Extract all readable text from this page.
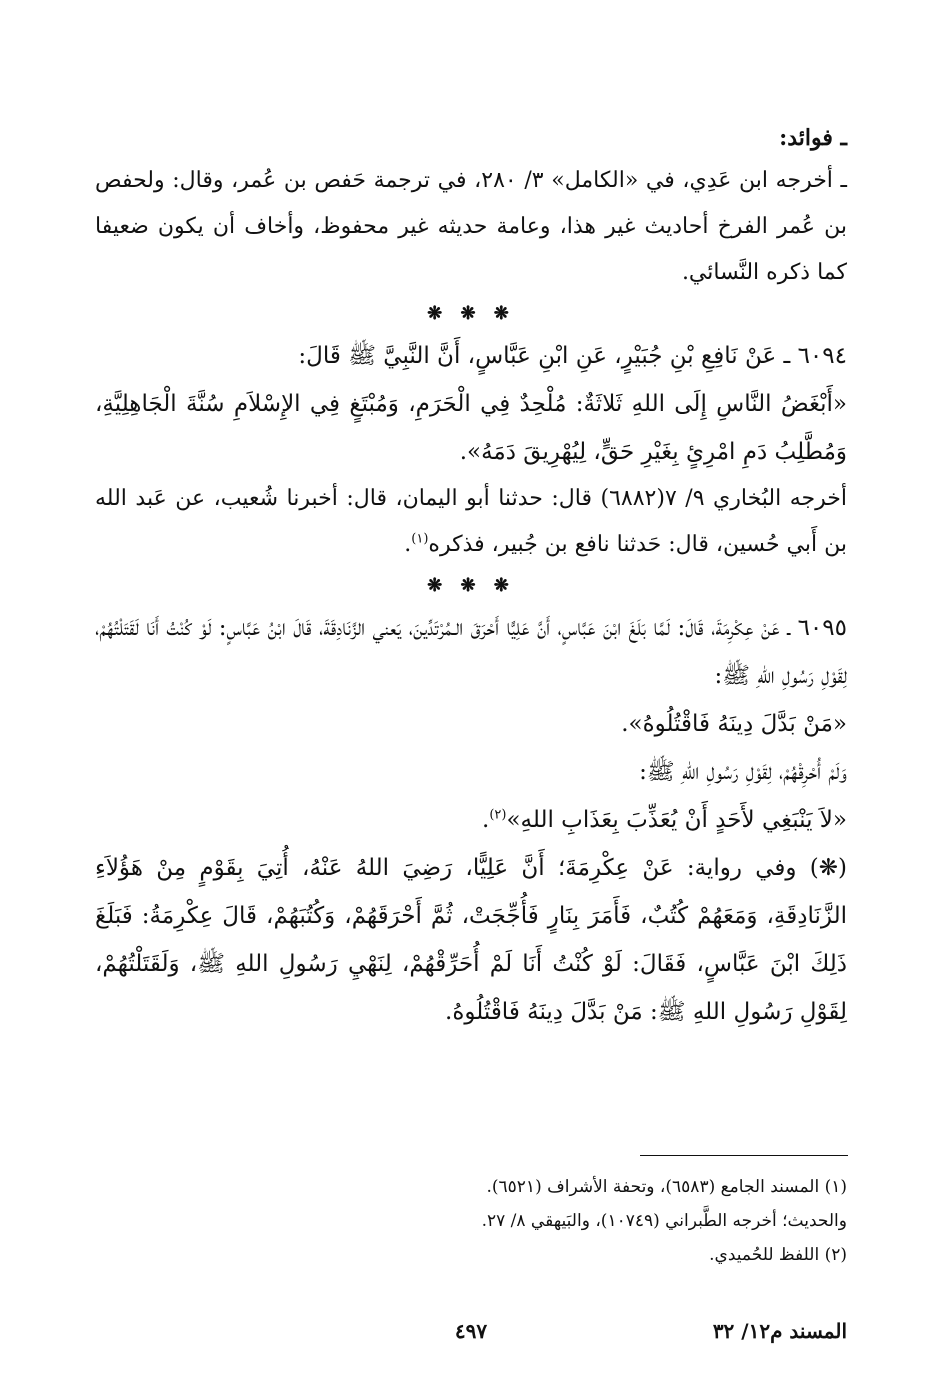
ـ فوائد:

ـ أخرجه ابن عَدِي، في «الكامل» ٣/ ٢٨٠، في ترجمة حَفص بن عُمر، وقال: ولحفص بن عُمر الفرخ أحاديث غير هذا، وعامة حديثه غير محفوظ، وأخاف أن يكون ضعيفا كما ذكره النَّسائي.

❋ ❋ ❋

٦٠٩٤ ـ عَنْ نَافِعِ بْنِ جُبَيْرٍ، عَنِ ابْنِ عَبَّاسٍ، أَنَّ النَّبِيَّ ﷺ قَالَ:

«أَبْغَضُ النَّاسِ إِلَى اللهِ ثَلاثَةٌ: مُلْحِدٌ فِي الْحَرَمِ، وَمُبْتَغٍ فِي الإِسْلاَمِ سُنَّةَ الْجَاهِلِيَّةِ، وَمُطَّلِبُ دَمِ امْرِئٍ بِغَيْرِ حَقٍّ، لِيُهْرِيقَ دَمَهُ».

أخرجه البُخاري ٩/ ٧(٦٨٨٢) قال: حدثنا أبو اليمان، قال: أخبرنا شُعيب، عن عَبد الله بن أَبي حُسين، قال: حَدثنا نافع بن جُبير، فذكره$^{(١)}$.

❋ ❋ ❋

٦٠٩٥ ـ عَنْ عِكْرِمَةَ، قَالَ: لَمَّا بَلَغَ ابْنَ عَبَّاسٍ، أَنَّ عَلِيًّا أَحْرَقَ الـمُرْتَدِّينَ، يَعني الزَّنَادِقَةَ، قَالَ ابْنُ عَبَّاسٍ: لَوْ كُنْتُ أَنَا لَقَتَلْتُهُمْ، لِقَوْلِ رَسُولِ اللهِ ﷺ:

«مَنْ بَدَّلَ دِينَهُ فَاقْتُلُوهُ».

وَلَمْ أُحْرِقْهُمْ، لِقَوْلِ رَسُولِ اللهِ ﷺ:

«لاَ يَنْبَغِي لأَحَدٍ أَنْ يُعَذِّبَ بِعَذَابِ اللهِ»$^{(٢)}$.

(❋) وفي رواية: عَنْ عِكْرِمَةَ؛ أَنَّ عَلِيًّا، رَضِيَ اللهُ عَنْهُ، أُتِيَ بِقَوْمٍ مِنْ هَؤُلاَءِ الزَّنَادِقَةِ، وَمَعَهُمْ كُتُبٌ، فَأَمَرَ بِنَارٍ فَأُجِّجَتْ، ثُمَّ أَحْرَقَهُمْ، وَكُتُبَهُمْ، قَالَ عِكْرِمَةُ: فَبَلَغَ ذَلِكَ ابْنَ عَبَّاسٍ، فَقَالَ: لَوْ كُنْتُ أَنَا لَمْ أُحَرِّقْهُمْ، لِنَهْيِ رَسُولِ اللهِ ﷺ، وَلَقَتَلْتُهُمْ، لِقَوْلِ رَسُولِ اللهِ ﷺ: مَنْ بَدَّلَ دِينَهُ فَاقْتُلُوهُ.

(١) المسند الجامع (٦٥٨٣)، وتحفة الأشراف (٦٥٢١).

والحديث؛ أخرجه الطَّبراني (١٠٧٤٩)، والبَيهقي ٨/ ٢٧.

(٢) اللفظ للحُميدي.

المسند م١٢/ ٣٢
٤٩٧
